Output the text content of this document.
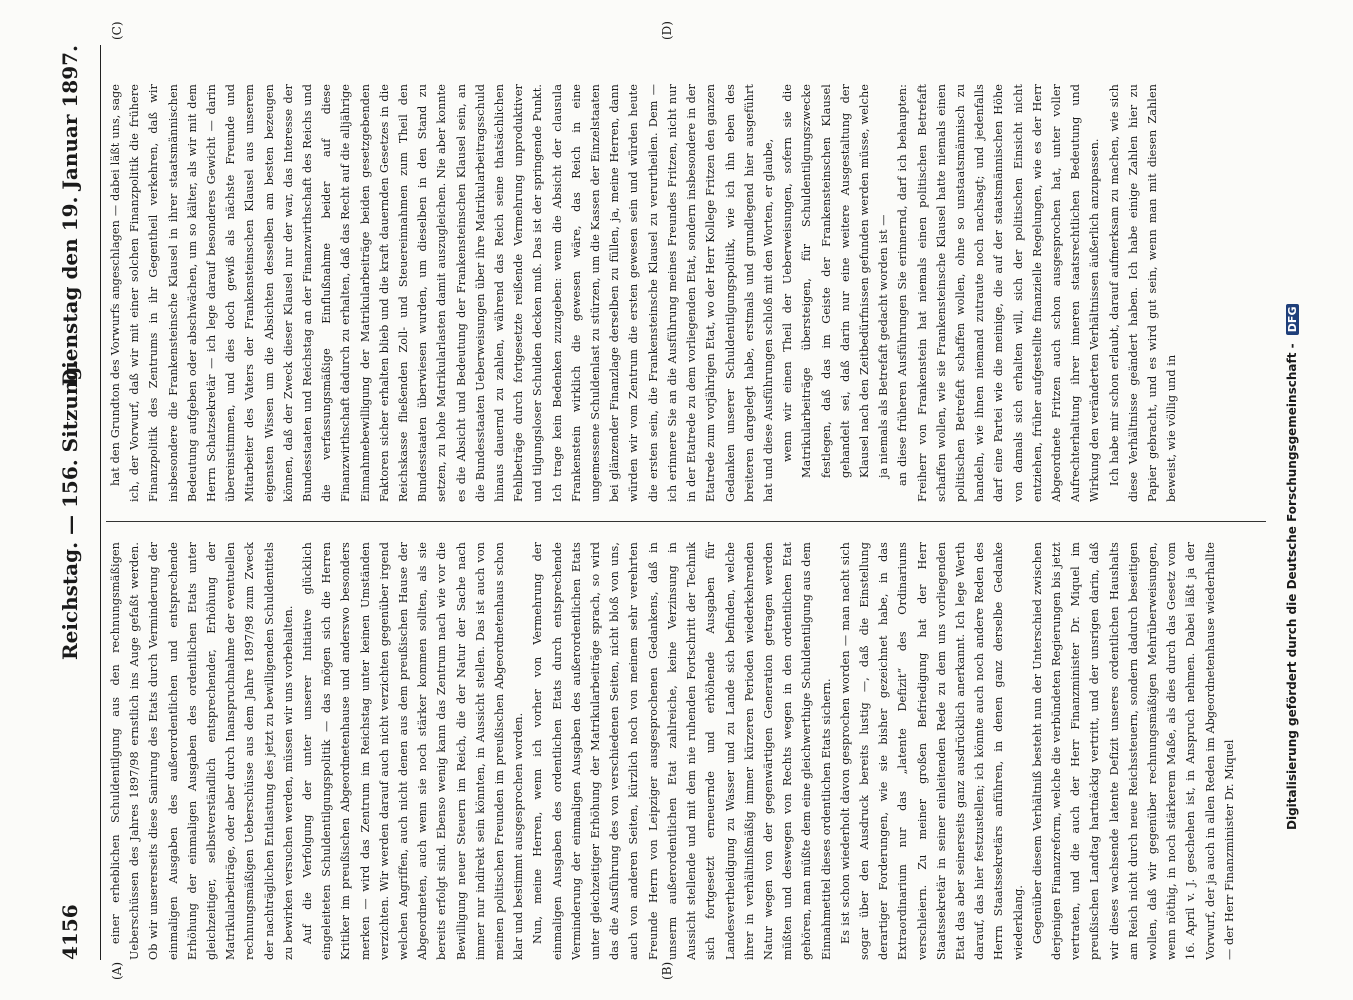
4156
Reichstag. — 156. Sitzung.
Dienstag den 19. Januar 1897.
(A)	(B)
(C)	(D)

einer erheblichen Schuldentilgung aus den rechnungsmäßigen Ueberschüssen des Jahres 1897/98 ernstlich ins Auge gefaßt werden. Ob wir unsererseits diese Sanirung des Etats durch Verminderung der einmaligen Ausgaben des außerordentlichen und entsprechende Erhöhung der einmaligen Ausgaben des ordentlichen Etats unter gleichzeitiger, selbstverständlich entsprechender, Erhöhung der Matrikularbeiträge, oder aber durch Inanspruchnahme der eventuellen rechnungsmäßigen Ueberschüsse aus dem Jahre 1897/98 zum Zweck der nachträglichen Entlastung des jetzt zu bewilligenden Schuldentitels zu bewirken versuchen werden, müssen wir uns vorbehalten. Auf die Verfolgung der unter unserer Initiative glücklich eingeleiteten Schuldentilgungspolitik — das mögen sich die Herren Kritiker im preußischen Abgeordnetenhause und anderswo besonders merken — wird das Zentrum im Reichstag unter keinen Umständen verzichten. Wir werden darauf auch nicht verzichten gegenüber irgend welchen Angriffen, auch nicht denen aus dem preußischen Hause der Abgeordneten, auch wenn sie noch stärker kommen sollten, als sie bereits erfolgt sind. Ebenso wenig kann das Zentrum nach wie vor die Bewilligung neuer Steuern im Reich, die der Natur der Sache nach immer nur indirekt sein könnten, in Aussicht stellen. Das ist auch von meinen politischen Freunden im preußischen Abgeordnetenhaus schon klar und bestimmt ausgesprochen worden. Nun, meine Herren, wenn ich vorher von Vermehrung der einmaligen Ausgaben des ordentlichen Etats durch entsprechende Verminderung der einmaligen Ausgaben des außerordentlichen Etats unter gleichzeitiger Erhöhung der Matrikularbeiträge sprach, so wird das die Ausführung des von verschiedenen Seiten, nicht bloß von uns, auch von anderen Seiten, kürzlich noch von meinem sehr verehrten Freunde Herrn von Leipziger ausgesprochenen Gedankens, daß in unserm außerordentlichen Etat zahlreiche, keine Verzinsung in Aussicht stellende und mit dem nie ruhenden Fortschritt der Technik sich fortgesetzt erneuernde und erhöhende Ausgaben für Landesvertheidigung zu Wasser und zu Lande sich befinden, welche ihrer in verhältnißmäßig immer kürzeren Perioden wiederkehrenden Natur wegen von der gegenwärtigen Generation getragen werden müßten und deswegen von Rechts wegen in den ordentlichen Etat gehören, man müßte dem eine gleichwerthige Schuldentilgung aus dem Einnahmetitel dieses ordentlichen Etats sichern. Es ist schon wiederholt davon gesprochen worden — man nacht sich sogar über den Ausdruck bereits lustig —, daß die Einstellung derartiger Forderungen, wie sie bisher gezeichnet habe, in das Extraordinarium nur das „latente Defizit“ des Ordinariums verschleiern. Zu meiner großen Befriedigung hat der Herr Staatssekretär in seiner einleitenden Rede zu dem uns vorliegenden Etat das aber seinerseits ganz ausdrücklich anerkannt. Ich lege Werth darauf, das hier festzustellen; ich könnte auch noch andere Reden des Herrn Staatssekretärs anführen, in denen ganz derselbe Gedanke wiederklang. Gegenüber diesem Verhältniß besteht nun der Unterschied zwischen derjenigen Finanzreform, welche die verbündeten Regierungen bis jetzt vertraten, und die auch der Herr Finanzminister Dr. Miquel im preußischen Landtag hartnäckig vertritt, und der unsrigen darin, daß wir dieses wachsende latente Defizit unseres ordentlichen Haushalts am Reich nicht durch neue Reichssteuern, sondern dadurch beseitigen wollen, daß wir gegenüber rechnungsmäßigen Mehrüberweisungen, wenn nöthig, in noch stärkerem Maße, als dies durch das Gesetz vom 16. April v. J. geschehen ist, in Anspruch nehmen. Dabei läßt ja der Vorwurf, der ja auch in allen Reden im Abgeordnetenhause wiederhallte — der Herr Finanzminister Dr. Miquel

hat den Grundton des Vorwurfs angeschlagen — dabei läßt uns, sage ich, der Vorwurf, daß wir mit einer solchen Finanzpolitik die frühere Finanzpolitik des Zentrums in ihr Gegentheil verkehren, daß wir insbesondere die Frankensteinsche Klausel in ihrer staatsmännischen Bedeutung aufgeben oder abschwächen, um so kälter, als wir mit dem Herrn Schatzsekretär — ich lege darauf besonderes Gewicht — darin übereinstimmen, und dies doch gewiß als nächste Freunde und Mitarbeiter des Vaters der Frankensteinschen Klausel aus unserem eigensten Wissen um die Absichten desselben am besten bezeugen können, daß der Zweck dieser Klausel nur der war, das Interesse der Bundesstaaten und Reichstag an der Finanzwirthschaft des Reichs und die verfassungsmäßige Einflußnahme beider auf diese Finanzwirthschaft dadurch zu erhalten, daß das Recht auf die alljährige Einnahmebewilligung der Matrikularbeiträge beiden gesetzgebenden Faktoren sicher erhalten blieb und die kraft dauernden Gesetzes in die Reichskasse fließenden Zoll- und Steuereinnahmen zum Theil den Bundesstaaten überwiesen wurden, um dieselben in den Stand zu setzen, zu hohe Matrikularlasten damit auszugleichen. Nie aber konnte es die Absicht und Bedeutung der Frankensteinschen Klausel sein, an die Bundesstaaten Ueberweisungen über ihre Matrikularbeitragsschuld hinaus dauernd zu zahlen, während das Reich seine thatsächlichen Fehlbeträge durch fortgesetzte reißende Vermehrung unproduktiver und tilgungsloser Schulden decken muß. Das ist der springende Punkt. Ich trage kein Bedenken zuzugeben: wenn die Absicht der clausula Frankenstein wirklich die gewesen wäre, das Reich in eine ungemessene Schuldenlast zu stürzen, um die Kassen der Einzelstaaten bei glänzender Finanzlage derselben zu füllen, ja, meine Herren, dann würden wir vom Zentrum die ersten gewesen sein und würden heute die ersten sein, die Frankensteinsche Klausel zu verurtheilen. Dem — ich erinnere Sie an die Ausführung meines Freundes Fritzen, nicht nur in der Etatrede zu dem vorliegenden Etat, sondern insbesondere in der Etatrede zum vorjährigen Etat, wo der Herr Kollege Fritzen den ganzen Gedanken unserer Schuldentilgungspolitik, wie ich ihn eben des breiteren dargelegt habe, erstmals und grundlegend hier ausgeführt hat und diese Ausführungen schloß mit den Worten, er glaube, wenn wir einen Theil der Ueberweisungen, sofern sie die Matrikularbeiträge übersteigen, für Schuldentilgungszwecke festlegen, daß das im Geiste der Frankensteinschen Klausel gehandelt sei, daß darin nur eine weitere Ausgestaltung der Klausel nach den Zeitbedürfnissen gefunden werden müsse, welche ja niemals als Betrefaft gedacht worden ist — an diese früheren Ausführungen Sie erinnernd, darf ich behaupten: Freiherr von Frankenstein hat niemals einen politischen Betrefaft schaffen wollen, wie sie Frankensteinsche Klausel hatte niemals einen politischen Betrefaft schaffen wollen, ohne so unstaatsmännisch zu handeln, wie ihnen niemand zutraute noch nachsagt; und jedenfalls darf eine Partei wie die meinige, die auf der staatsmännischen Höhe von damals sich erhalten will, sich der politischen Einsicht nicht entziehen, früher aufgestellte finanzielle Regelungen, wie es der Herr Abgeordnete Fritzen auch schon ausgesprochen hat, unter voller Aufrechterhaltung ihrer inneren staatsrechtlichen Bedeutung und Wirkung den veränderten Verhältnissen äußerlich anzupassen. Ich habe mir schon erlaubt, darauf aufmerksam zu machen, wie sich diese Verhältnisse geändert haben. Ich habe einige Zahlen hier zu Papier gebracht, und es wird gut sein, wenn man mit diesen Zahlen beweist, wie völlig und in	Digitalisierung gefördert durch die Deutsche Forschungsgemeinschaft - DFG
